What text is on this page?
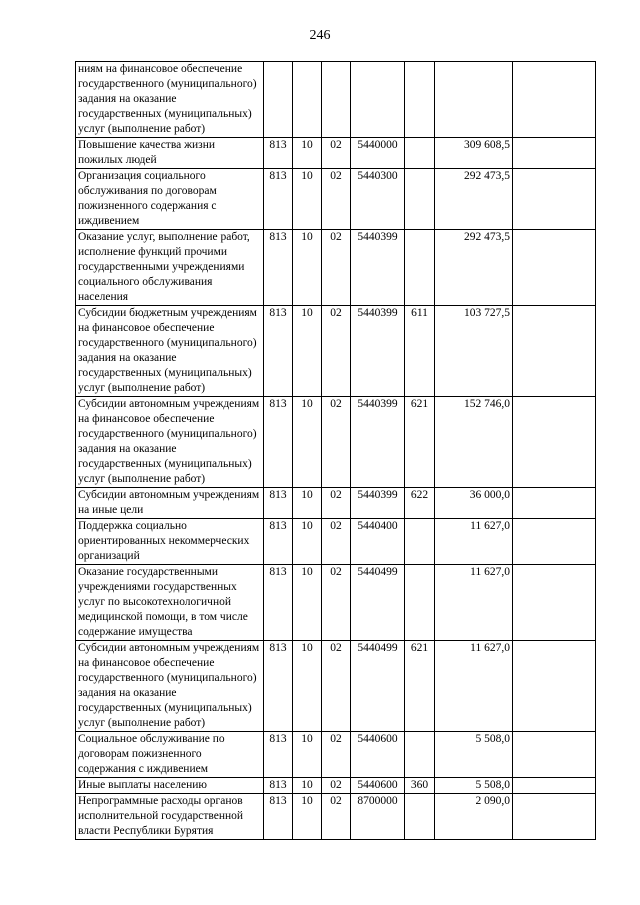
246
ниям на финансовое обеспечение государственного (муниципального) задания на оказание государственных (муниципальных) услуг (выполнение работ)							
Повышение качества жизни пожилых людей	813	10	02	5440000		309 608,5	
Организация социального обслуживания по договорам пожизненного содержания с иждивением	813	10	02	5440300		292 473,5	
Оказание услуг, выполнение работ, исполнение функций прочими государственными учреждениями социального обслуживания населения	813	10	02	5440399		292 473,5	
Субсидии бюджетным учреждениям на финансовое обеспечение государственного (муниципального) задания на оказание государственных (муниципальных) услуг (выполнение работ)	813	10	02	5440399	611	103 727,5	
Субсидии автономным учреждениям на финансовое обеспечение государственного (муниципального) задания на оказание государственных (муниципальных) услуг (выполнение работ)	813	10	02	5440399	621	152 746,0	
Субсидии автономным учреждениям на иные цели	813	10	02	5440399	622	36 000,0	
Поддержка социально ориентированных некоммерческих организаций	813	10	02	5440400		11 627,0	
Оказание государственными учреждениями государственных услуг по высокотехнологичной медицинской помощи, в том числе содержание имущества	813	10	02	5440499		11 627,0	
Субсидии автономным учреждениям на финансовое обеспечение государственного (муниципального) задания на оказание государственных (муниципальных) услуг (выполнение работ)	813	10	02	5440499	621	11 627,0	
Социальное обслуживание по договорам пожизненного содержания с иждивением	813	10	02	5440600		5 508,0	
Иные выплаты населению	813	10	02	5440600	360	5 508,0	
Непрограммные расходы органов исполнительной государственной власти Республики Бурятия	813	10	02	8700000		2 090,0	
